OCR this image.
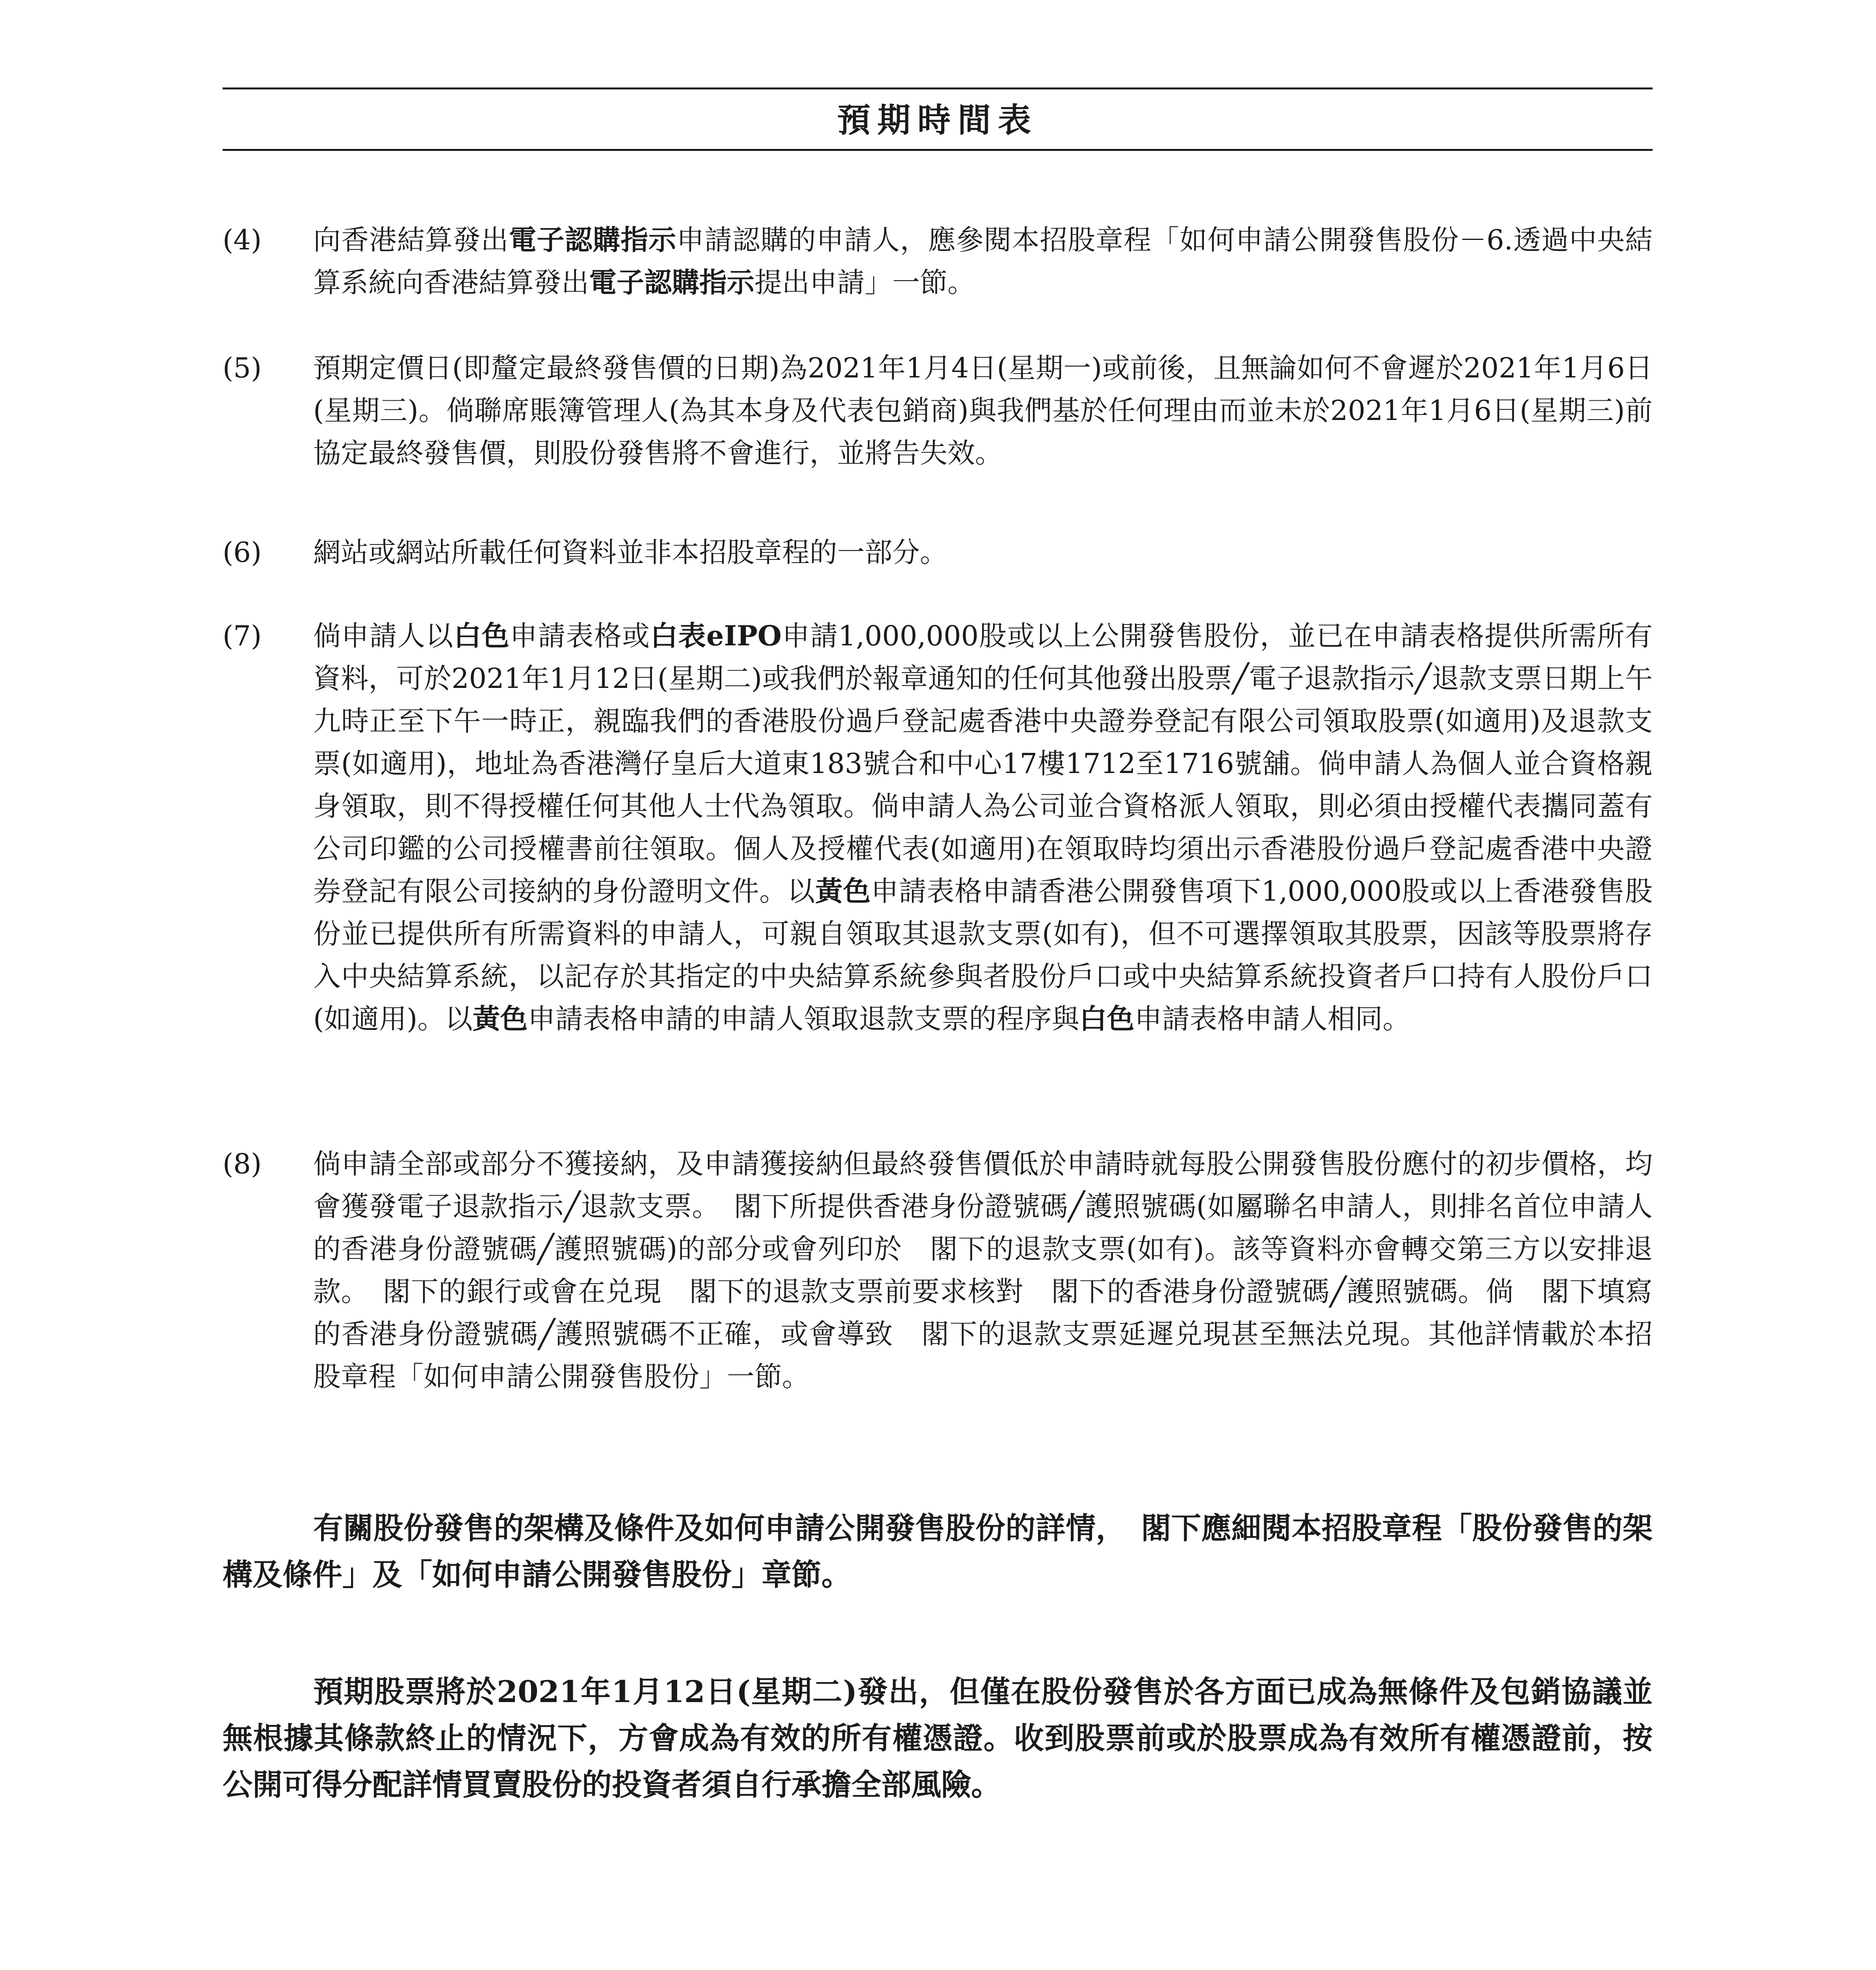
預期時間表
(4) 向香港結算發出電子認購指示申請認購的申請人，應參閱本招股章程「如何申請公開發售股份－6.透過中央結算系統向香港結算發出電子認購指示提出申請」一節。
(5) 預期定價日(即釐定最終發售價的日期)為2021年1月4日(星期一)或前後，且無論如何不會遲於2021年1月6日(星期三)。倘聯席賬簿管理人(為其本身及代表包銷商)與我們基於任何理由而並未於2021年1月6日(星期三)前協定最終發售價，則股份發售將不會進行，並將告失效。
(6) 網站或網站所載任何資料並非本招股章程的一部分。
(7) 倘申請人以白色申請表格或白表eIPO申請1,000,000股或以上公開發售股份，並已在申請表格提供所需所有資料，可於2021年1月12日(星期二)或我們於報章通知的任何其他發出股票╱電子退款指示╱退款支票日期上午九時正至下午一時正，親臨我們的香港股份過戶登記處香港中央證券登記有限公司領取股票(如適用)及退款支票(如適用)，地址為香港灣仔皇后大道東183號合和中心17樓1712至1716號舖。倘申請人為個人並合資格親身領取，則不得授權任何其他人士代為領取。倘申請人為公司並合資格派人領取，則必須由授權代表攜同蓋有公司印鑑的公司授權書前往領取。個人及授權代表(如適用)在領取時均須出示香港股份過戶登記處香港中央證券登記有限公司接納的身份證明文件。以黃色申請表格申請香港公開發售項下1,000,000股或以上香港發售股份並已提供所有所需資料的申請人，可親自領取其退款支票(如有)，但不可選擇領取其股票，因該等股票將存入中央結算系統，以記存於其指定的中央結算系統參與者股份戶口或中央結算系統投資者戶口持有人股份戶口(如適用)。以黃色申請表格申請的申請人領取退款支票的程序與白色申請表格申請人相同。
(8) 倘申請全部或部分不獲接納，及申請獲接納但最終發售價低於申請時就每股公開發售股份應付的初步價格，均會獲發電子退款指示╱退款支票。　閣下所提供香港身份證號碼╱護照號碼(如屬聯名申請人，則排名首位申請人的香港身份證號碼╱護照號碼)的部分或會列印於　閣下的退款支票(如有)。該等資料亦會轉交第三方以安排退款。　閣下的銀行或會在兑現　閣下的退款支票前要求核對　閣下的香港身份證號碼╱護照號碼。倘　閣下填寫的香港身份證號碼╱護照號碼不正確，或會導致　閣下的退款支票延遲兑現甚至無法兑現。其他詳情載於本招股章程「如何申請公開發售股份」一節。
有關股份發售的架構及條件及如何申請公開發售股份的詳情，　閣下應細閱本招股章程「股份發售的架構及條件」及「如何申請公開發售股份」章節。
預期股票將於2021年1月12日(星期二)發出，但僅在股份發售於各方面已成為無條件及包銷協議並無根據其條款終止的情況下，方會成為有效的所有權憑證。收到股票前或於股票成為有效所有權憑證前，按公開可得分配詳情買賣股份的投資者須自行承擔全部風險。
